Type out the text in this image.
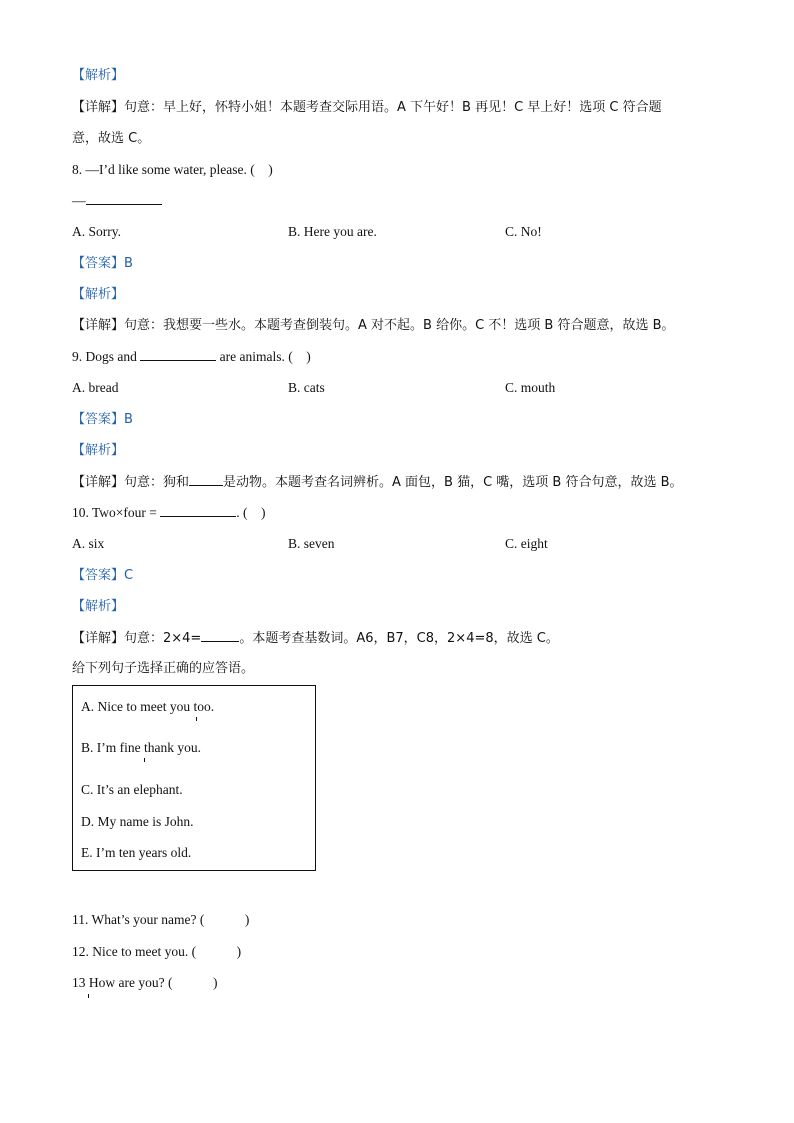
【解析】
【详解】句意：早上好，怀特小姐！本题考查交际用语。A 下午好！B 再见！C 早上好！选项 C 符合题
意，故选 C。
8. —I’d like some water, please. (　)
—
A. Sorry.	B. Here you are.	C. No!
【答案】B
【解析】
【详解】句意：我想要一些水。本题考查倒装句。A 对不起。B 给你。C 不！选项 B 符合题意，故选 B。
9. Dogs and	are animals. (　)
A. bread	B. cats	C. mouth
【答案】B
【解析】
【详解】句意：狗和	是动物。本题考查名词辨析。A 面包，B 猫，C 嘴，选项 B 符合句意，故选 B。
10. Two×four =	. (　)
A. six	B. seven	C. eight
【答案】C
【解析】
【详解】句意：2×4=	。本题考查基数词。A6，B7，C8，2×4=8，故选 C。
给下列句子选择正确的应答语。
A. Nice to meet you too.
B. I’m fine thank you.
C. It’s an elephant.
D. My name is John.
E. I’m ten years old.
11. What’s your name? (　　　)
12. Nice to meet you. (　　　)
13 How are you? (　　　)
